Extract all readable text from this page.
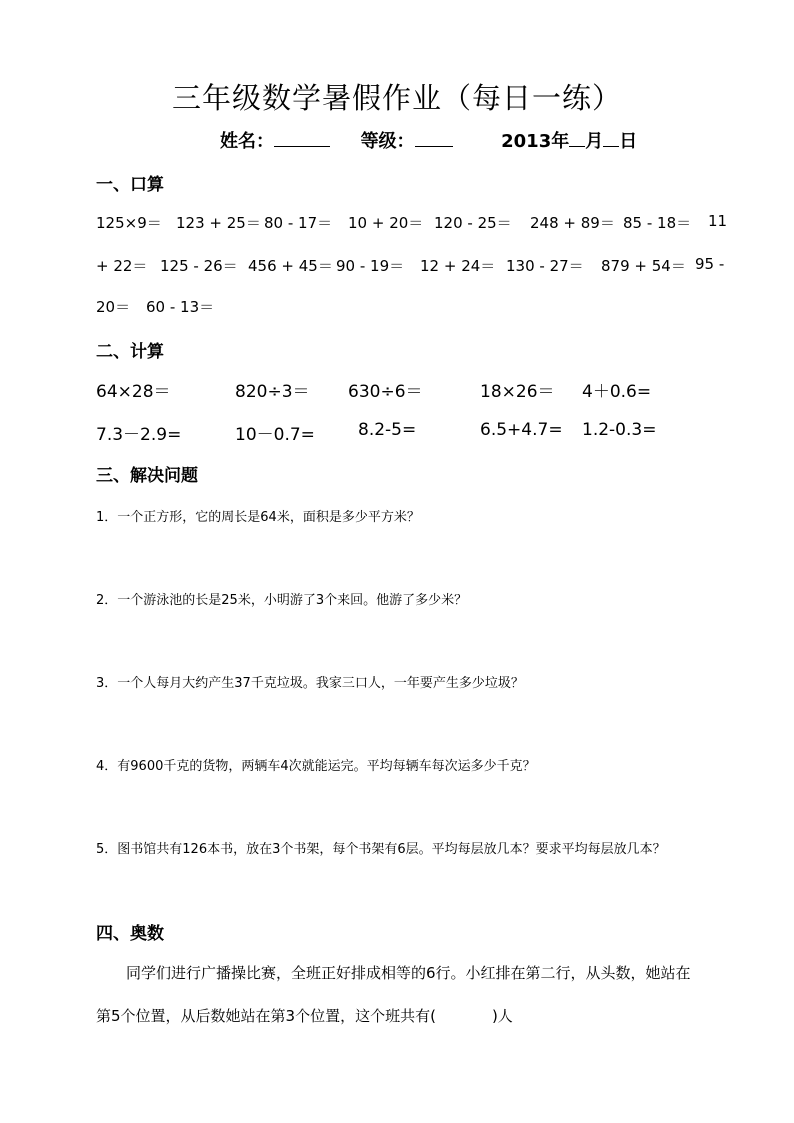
三年级数学暑假作业（每日一练）
姓名：	等级：	2013年 月 日
一、口算
125×9＝ 123 + 25＝ 80 - 17＝ 10 + 20＝ 120 - 25＝ 248 + 89＝ 85 - 18＝ 11
+ 22＝ 125 - 26＝ 456 + 45＝ 90 - 19＝ 12 + 24＝ 130 - 27＝ 879 + 54＝ 95 -
20＝ 60 - 13＝
二、计算
64×28＝	820÷3＝ 630÷6＝	18×26＝ 4＋0.6=
7.3－2.9=	10－0.7=	8.2-5=	6.5+4.7= 1.2-0.3=
三、解决问题
1．一个正方形，它的周长是64米，面积是多少平方米？
2．一个游泳池的长是25米，小明游了3个来回。他游了多少米？
3．一个人每月大约产生37千克垃圾。我家三口人，一年要产生多少垃圾？
4．有9600千克的货物，两辆车4次就能运完。平均每辆车每次运多少千克？
5．图书馆共有126本书，放在3个书架，每个书架有6层。平均每层放几本？要求平均每层放几本？
四、奥数
同学们进行广播操比赛，全班正好排成相等的6行。小红排在第二行，从头数，她站在
第5个位置，从后数她站在第3个位置，这个班共有(	)人
